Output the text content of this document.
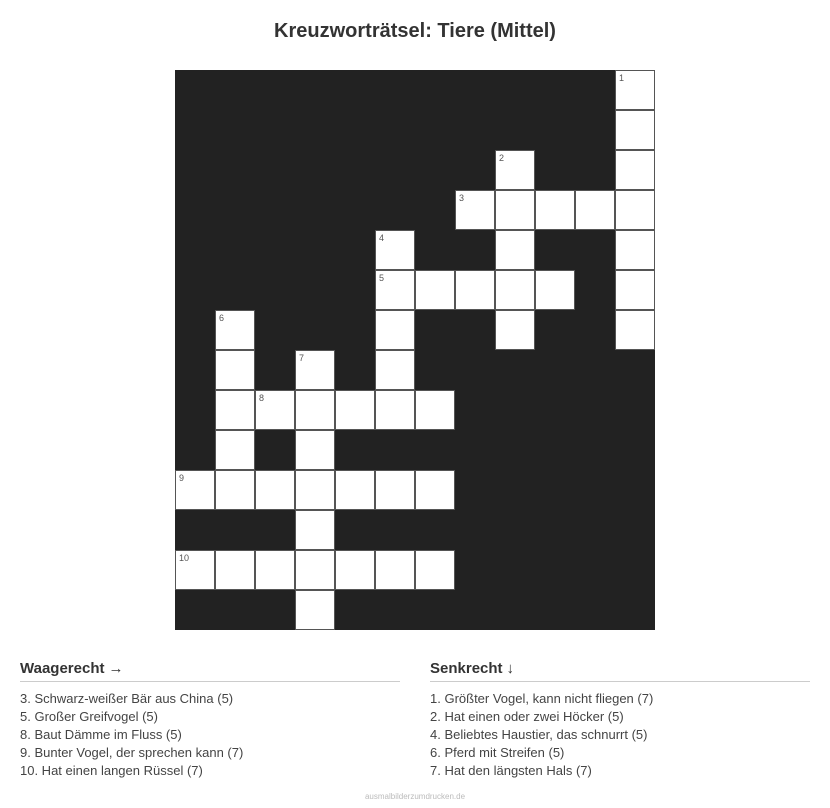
Kreuzworträtsel: Tiere (Mittel)
1
2
3
4
5
6
7
8
9
10
Waagerecht →
3. Schwarz-weißer Bär aus China (5)
5. Großer Greifvogel (5)
8. Baut Dämme im Fluss (5)
9. Bunter Vogel, der sprechen kann (7)
10. Hat einen langen Rüssel (7)
Senkrecht ↓
1. Größter Vogel, kann nicht fliegen (7)
2. Hat einen oder zwei Höcker (5)
4. Beliebtes Haustier, das schnurrt (5)
6. Pferd mit Streifen (5)
7. Hat den längsten Hals (7)
ausmalbilderzumdrucken.de
